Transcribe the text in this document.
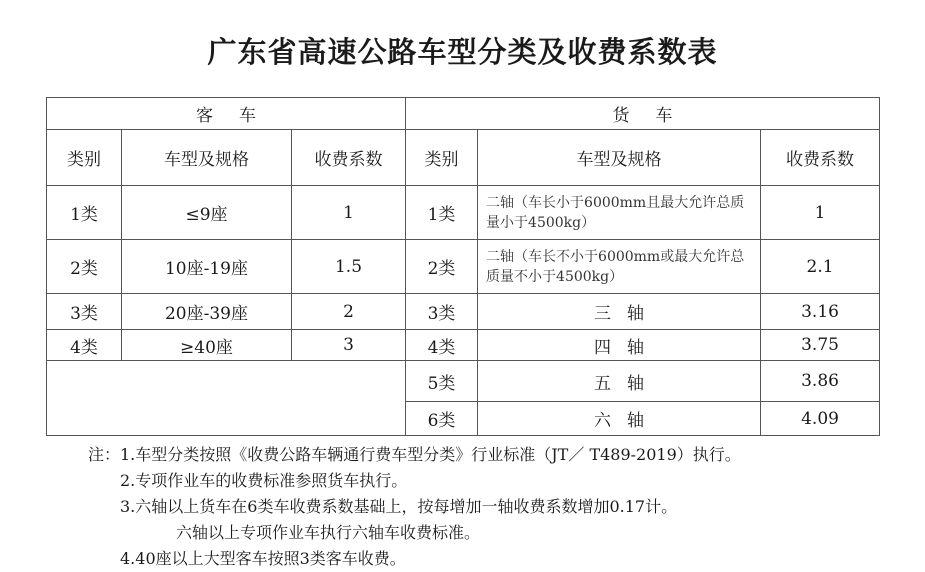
广东省高速公路车型分类及收费系数表
客车			货车		
类别	车型及规格	收费系数	类别	车型及规格	收费系数
1类	≤9座	1	1类	二轴（车长小于6000mm且最大允许总质量小于4500kg）	1
2类	10座-19座	1.5	2类	二轴（车长不小于6000mm或最大允许总质量不小于4500kg）	2.1
3类	20座-39座	2	3类	三轴	3.16
4类	≥40座	3	4类	四轴	3.75
			5类	五轴	3.86
			6类	六轴	4.09
注： 1.车型分类按照《收费公路车辆通行费车型分类》行业标准（JT／ T489-2019）执行。
2.专项作业车的收费标准参照货车执行。
3.六轴以上货车在6类车收费系数基础上，按每增加一轴收费系数增加0.17计。
六轴以上专项作业车执行六轴车收费标准。
4.40座以上大型客车按照3类客车收费。
